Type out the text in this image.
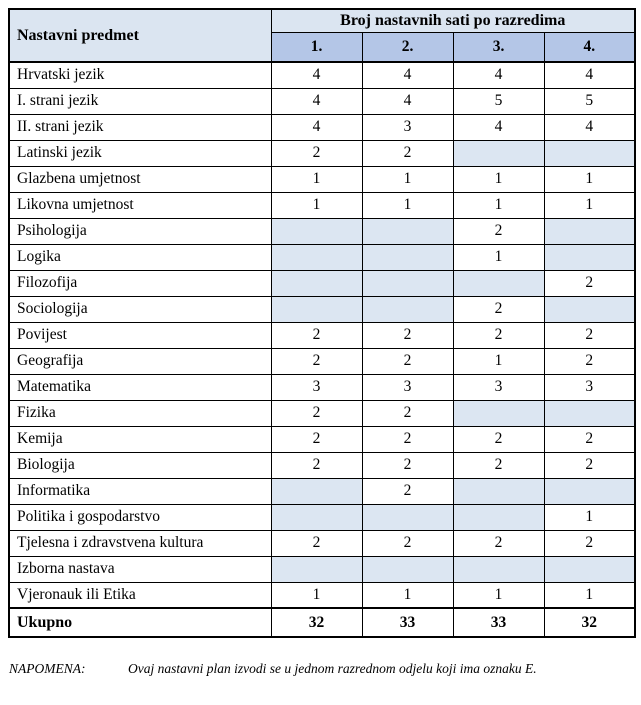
Nastavni predmet	Broj nastavnih sati po razredima			
	1.	2.	3.	4.
Hrvatski jezik	4	4	4	4
I. strani jezik	4	4	5	5
II. strani jezik	4	3	4	4
Latinski jezik	2	2		
Glazbena umjetnost	1	1	1	1
Likovna umjetnost	1	1	1	1
Psihologija			2	
Logika			1	
Filozofija				2
Sociologija			2	
Povijest	2	2	2	2
Geografija	2	2	1	2
Matematika	3	3	3	3
Fizika	2	2		
Kemija	2	2	2	2
Biologija	2	2	2	2
Informatika		2		
Politika i gospodarstvo				1
Tjelesna i zdravstvena kultura	2	2	2	2
Izborna nastava				
Vjeronauk ili Etika	1	1	1	1
Ukupno	32	33	33	32
NAPOMENA:	Ovaj nastavni plan izvodi se u jednom razrednom odjelu koji ima oznaku E.
